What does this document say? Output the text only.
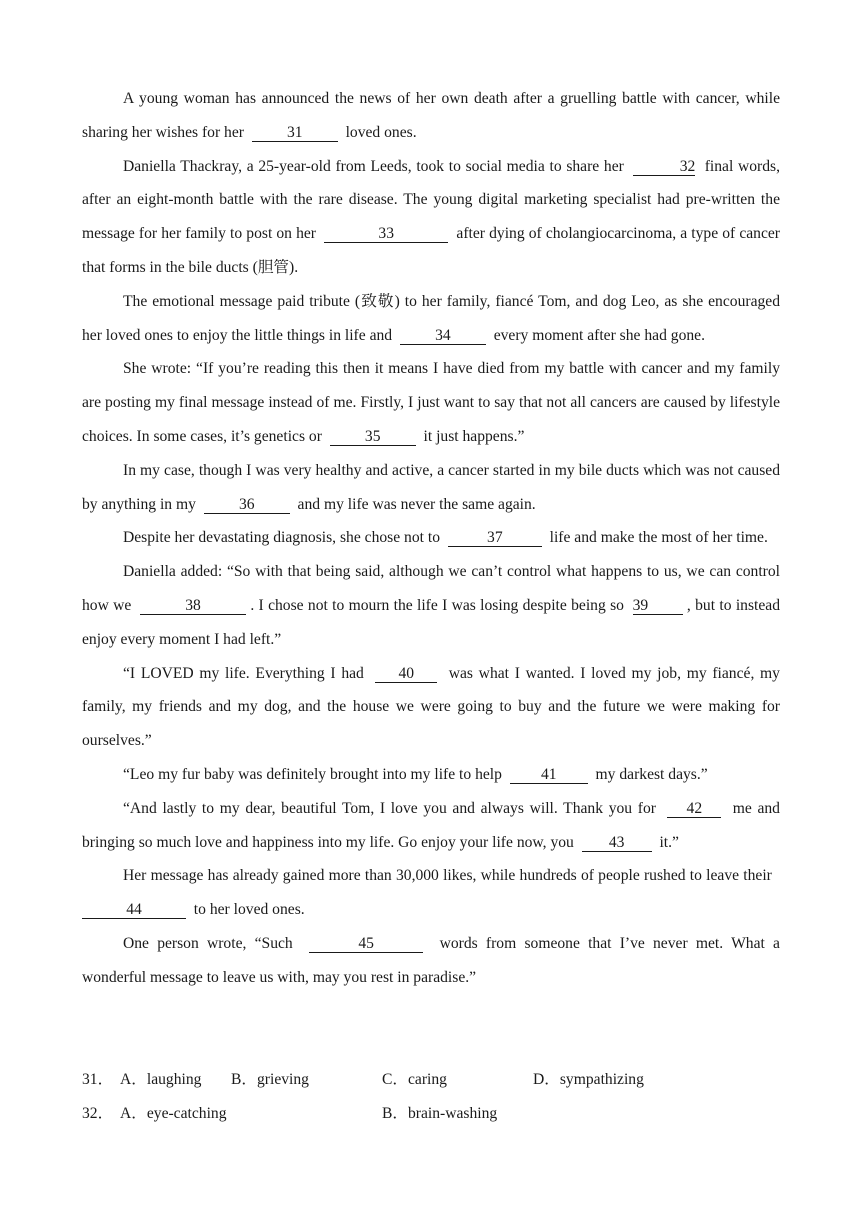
A young woman has announced the news of her own death after a gruelling battle with cancer, while sharing her wishes for her	31	loved ones.

Daniella Thackray, a 25-year-old from Leeds, took to social media to share her	32  final words, after an eight-month battle with the rare disease. The young digital marketing specialist had pre-written the message for her family to post on her	33	after dying of cholangiocarcinoma, a type of cancer that forms in the bile ducts (胆管).

The emotional message paid tribute (致敬) to her family, fiancé Tom, and dog Leo, as she encouraged her loved ones to enjoy the little things in life and	34	every moment after she had gone.

She wrote: “If you’re reading this then it means I have died from my battle with cancer and my family are posting my final message instead of me. Firstly, I just want to say that not all cancers are caused by lifestyle choices. In some cases, it’s genetics or	35	it just happens.”

In my case, though I was very healthy and active, a cancer started in my bile ducts which was not caused by anything in my	36	and my life was never the same again.

Despite her devastating diagnosis, she chose not to	37	life and make the most of her time.

Daniella added: “So with that being said, although we can’t control what happens to us, we can control how we	38	. I chose not to mourn the life I was losing despite being so  39 , but to instead enjoy every moment I had left.”

“I LOVED my life. Everything I had  40  was what I wanted. I loved my job, my fiancé, my family, my friends and my dog, and the house we were going to buy and the future we were making for ourselves.”

“Leo my fur baby was definitely brought into my life to help  41  my darkest days.”

“And lastly to my dear, beautiful Tom, I love you and always will. Thank you for  42  me and bringing so much love and happiness into my life. Go enjoy your life now, you  43  it.”

Her message has already gained more than 30,000 likes, while hundreds of people rushed to leave their  44	to her loved ones.

One person wrote, “Such	45	words from someone that I’ve never met. What a wonderful message to leave us with, may you rest in paradise.”

31． A．laughing B．grieving	C．caring	D．sympathizing
32． A．eye-catching	B．brain-washing
